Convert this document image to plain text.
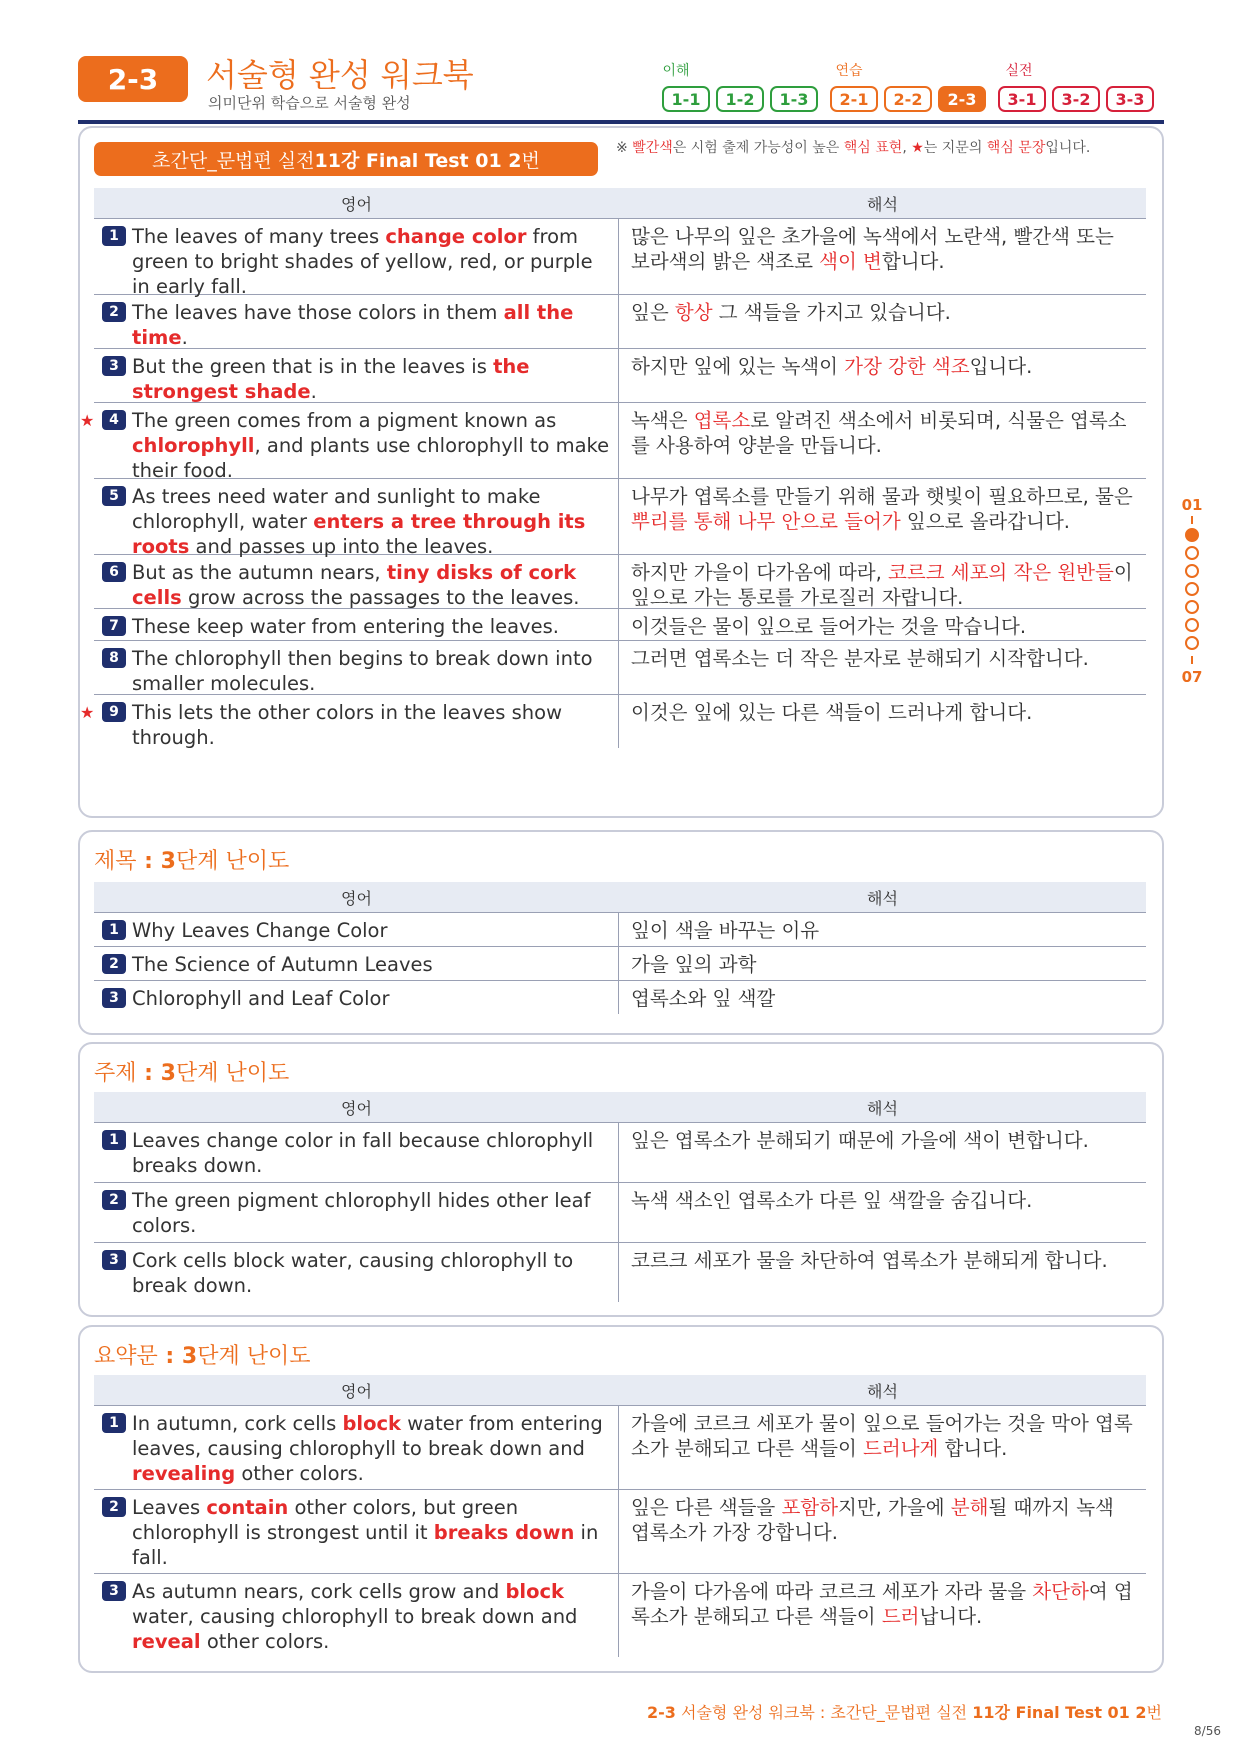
2-3	서술형 완성 워크북
의미단위 학습으로 서술형 완성
이해	연습	실전
1-1	1-2	1-3	2-1	2-2	2-3	3-1	3-2	3-3
초간단_문법편 실전 11강 Final Test 01 2 번
※ 빨간색은 시험 출제 가능성이 높은 핵심 표현, ★는 지문의 핵심 문장입니다.
영어	해석
1 The leaves of many trees change color from green to bright shades of yellow, red, or purple in early fall.
많은 나무의 잎은 초가을에 녹색에서 노란색, 빨간색 또는 보라색의 밝은 색조로 색이 변합니다.
2 The leaves have those colors in them all the time.
잎은 항상 그 색들을 가지고 있습니다.
3 But the green that is in the leaves is the strongest shade.
하지만 잎에 있는 녹색이 가장 강한 색조입니다.
★	4 The green comes from a pigment known as chlorophyll, and plants use chlorophyll to make their food.
녹색은 엽록소로 알려진 색소에서 비롯되며, 식물은 엽록소를 사용하여 양분을 만듭니다.
5 As trees need water and sunlight to make chlorophyll, water enters a tree through its roots and passes up into the leaves.
나무가 엽록소를 만들기 위해 물과 햇빛이 필요하므로, 물은 뿌리를 통해 나무 안으로 들어가 잎으로 올라갑니다.
6 But as the autumn nears, tiny disks of cork cells grow across the passages to the leaves.
하지만 가을이 다가옴에 따라, 코르크 세포의 작은 원반들이 잎으로 가는 통로를 가로질러 자랍니다.
7 These keep water from entering the leaves.	이것들은 물이 잎으로 들어가는 것을 막습니다.
8 The chlorophyll then begins to break down into smaller molecules.
그러면 엽록소는 더 작은 분자로 분해되기 시작합니다.
★	9 This lets the other colors in the leaves show through.
이것은 잎에 있는 다른 색들이 드러나게 합니다.
제목 : 3단계 난이도
영어	해석
1 Why Leaves Change Color	잎이 색을 바꾸는 이유
2 The Science of Autumn Leaves	가을 잎의 과학
3 Chlorophyll and Leaf Color	엽록소와 잎 색깔
주제 : 3단계 난이도
영어	해석
1 Leaves change color in fall because chlorophyll breaks down.
잎은 엽록소가 분해되기 때문에 가을에 색이 변합니다.
2 The green pigment chlorophyll hides other leaf colors.
녹색 색소인 엽록소가 다른 잎 색깔을 숨깁니다.
3 Cork cells block water, causing chlorophyll to break down.
코르크 세포가 물을 차단하여 엽록소가 분해되게 합니다.
요약문 : 3단계 난이도
영어	해석
1 In autumn, cork cells block water from entering leaves, causing chlorophyll to break down and revealing other colors.
가을에 코르크 세포가 물이 잎으로 들어가는 것을 막아 엽록소가 분해되고 다른 색들이 드러나게 합니다.
2 Leaves contain other colors, but green chlorophyll is strongest until it breaks down in fall.
잎은 다른 색들을 포함하지만, 가을에 분해될 때까지 녹색 엽록소가 가장 강합니다.
3 As autumn nears, cork cells grow and block water, causing chlorophyll to break down and reveal other colors.
가을이 다가옴에 따라 코르크 세포가 자라 물을 차단하여 엽록소가 분해되고 다른 색들이 드러납니다.
01
07
2-3 서술형 완성 워크북 : 초간단_문법편 실전 11강 Final Test 01 2번
8/56
